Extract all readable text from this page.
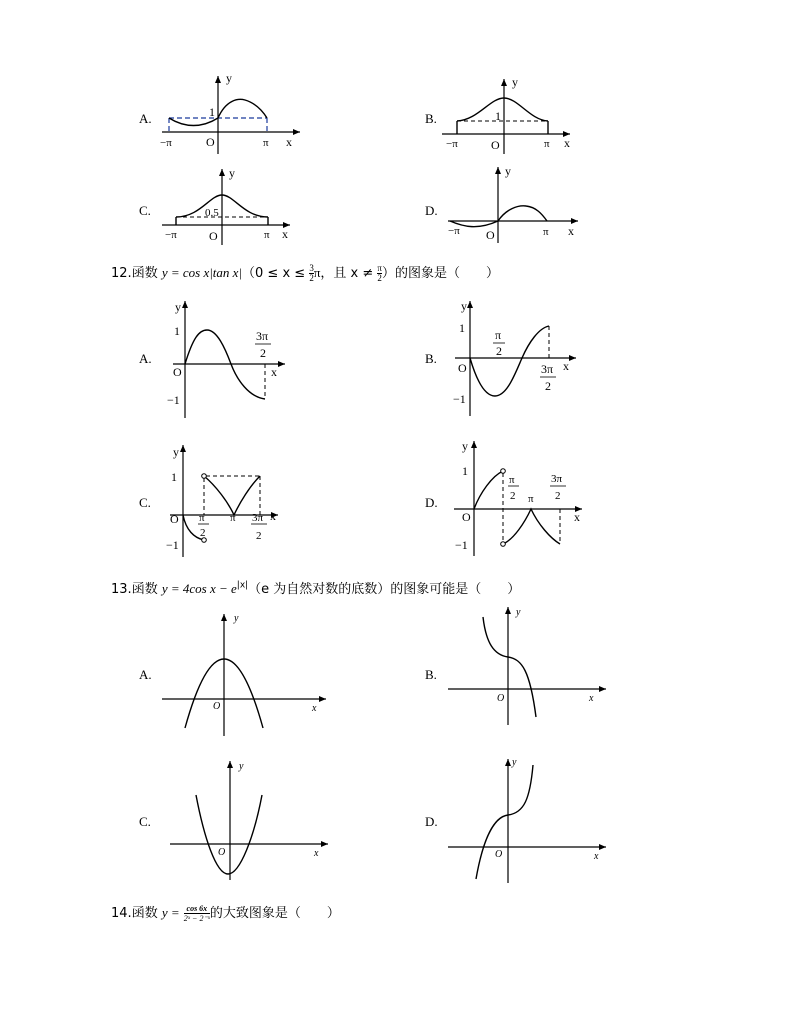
A.
y
x
O
1
−π	π
B.
y
x
O
1
−π	π
C.
y
x
O
0.5
−π	π
D.
y
x
O
−π	π
12.函数 y = cos x|tan $x|(0 \le x \le \frac{3}{2}$ π，且 $x \ne \frac{\pi}{2}$ ）的图象是（　　）
A.
y
x
O
1
−1
3π
2	B.
y
x
O
1
−1
π
2
3π
2
C.
y
x
O
1
−1
π
2
π 3π
2
D.
y
x
O
1
−1
π
2 π
3π
2
13.函数 y = 4cos $x - e^{|x|}(e$ 为自然对数的底数）的图象可能是（　　）
A.
y
x
O
B.
y
x
O
C.
y
x
O
D.
y
x
O
14.函数 $y = \frac{\cos 6x}{\text{2ˣ − 2⁻ˣ}}$ 的大致图象是（　　）
